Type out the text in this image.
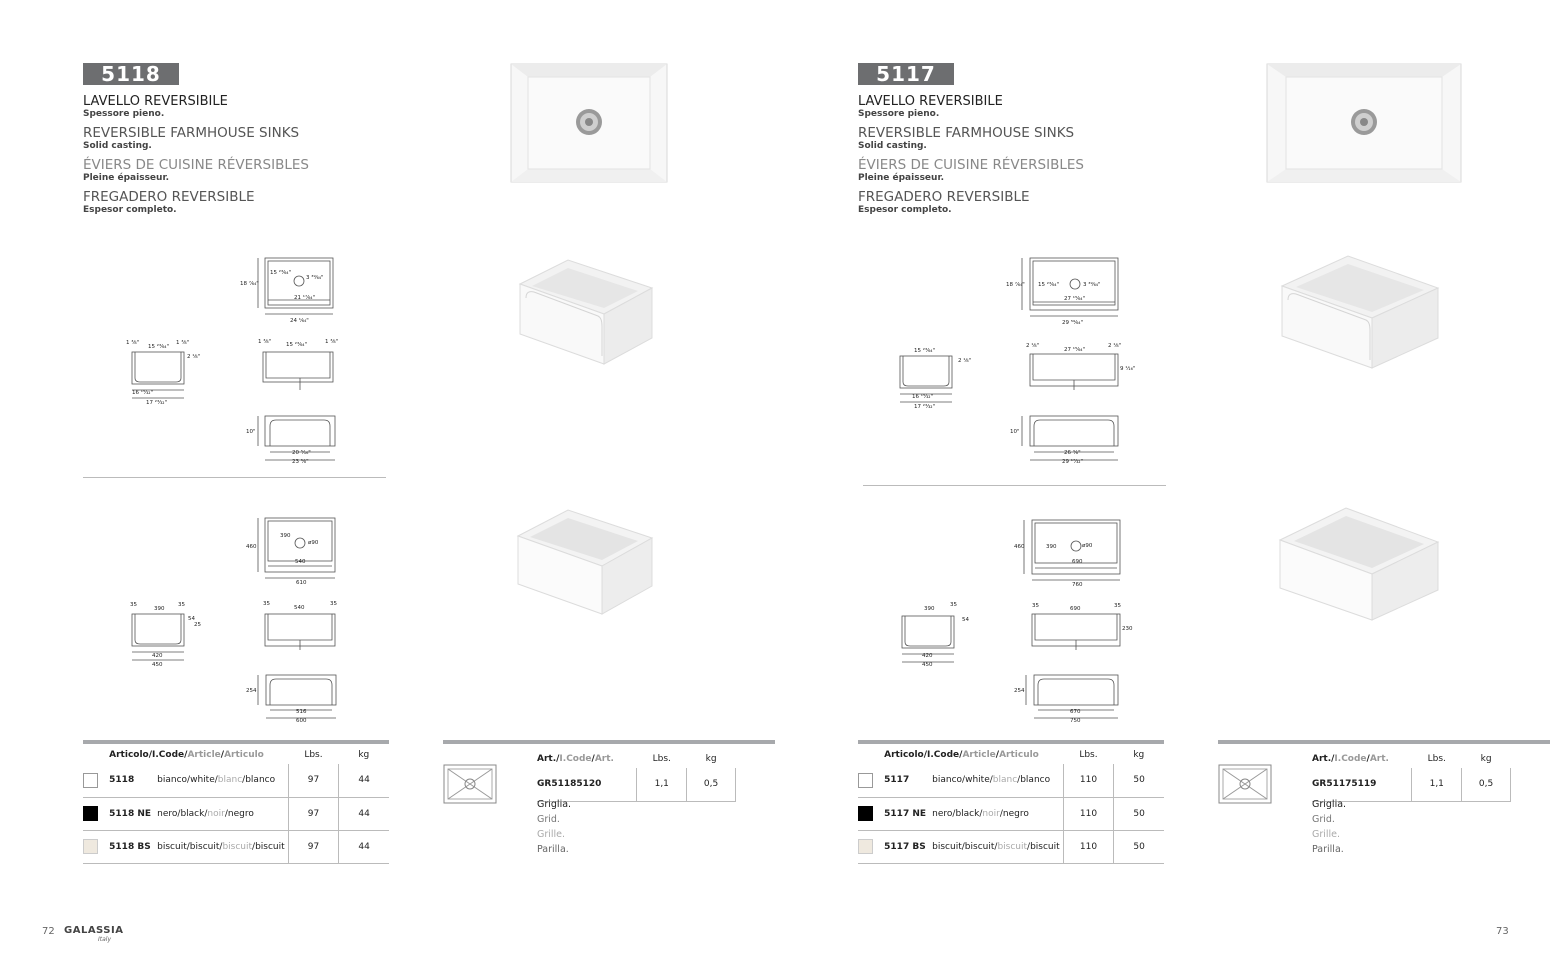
5118
LAVELLO REVERSIBILE
Spessore pieno.
REVERSIBLE FARMHOUSE SINKS
Solid casting.
ÉVIERS DE CUISINE RÉVERSIBLES
Pleine épaisseur.
FREGADERO REVERSIBLE
Espesor completo.
18 ⁷⁄₆₄"
15 ²³⁄₆₄"
3 ³⁹⁄₆₄"
21 ¹⁷⁄₆₄"
24 ¹⁄₆₄"
1 ³⁄₈"
15 ²³⁄₆₄"
1 ³⁄₈"
2 ¹⁄₈"
16 ¹⁵⁄₃₂"
17 ²³⁄₃₂"
1 ³⁄₈"	15 ²³⁄₆₄"	1 ³⁄₈"
10"
20 ⁵⁄₁₆"
23 ⁵⁄₈"
460
390
ø90
540
610
35
390
35
54
25
420
450
35
540
35
254
516
600
	Articolo/I.Code/Article/Articulo	Lbs.	kg
	5118 bianco/white/blanc/blanco	97	44
	5118 NE nero/black/noir/negro	97	44
	5118 BS biscuit/biscuit/biscuit/biscuit	97	44
Art./I.Code/Art.	Lbs.	kg
GR51185120	1,1	0,5
Griglia.
Grid.
Grille.
Parilla.
72 GALASSIA
Italy
5117
LAVELLO REVERSIBILE
Spessore pieno.
REVERSIBLE FARMHOUSE SINKS
Solid casting.
ÉVIERS DE CUISINE RÉVERSIBLES
Pleine épaisseur.
FREGADERO REVERSIBLE
Espesor completo.
18 ⁷⁄₆₄" 15 ²³⁄₆₄"	3 ³⁹⁄₆₄"
27 ¹⁵⁄₆₄"
29 ⁵⁹⁄₆₄"
15 ²³⁄₆₄"
2 ¹⁄₈"
16 ¹⁵⁄₃₂"
17 ²³⁄₃₂"
2 ¹⁄₈"
27 ¹⁵⁄₆₄"
2 ¹⁄₈"
9 ¹⁄₁₆"
10"
26 ³⁄₈"
29 ¹⁷⁄₃₂"
460	390	ø90
690
760
390
35
54
420
450
35	690	35
230
254
670
750
	Articolo/I.Code/Article/Articulo	Lbs.	kg
	5117 bianco/white/blanc/blanco	110	50
	5117 NE nero/black/noir/negro	110	50
	5117 BS biscuit/biscuit/biscuit/biscuit	110	50
Art./I.Code/Art.	Lbs.	kg
GR51175119	1,1	0,5
Griglia.
Grid.
Grille.
Parilla.
73
